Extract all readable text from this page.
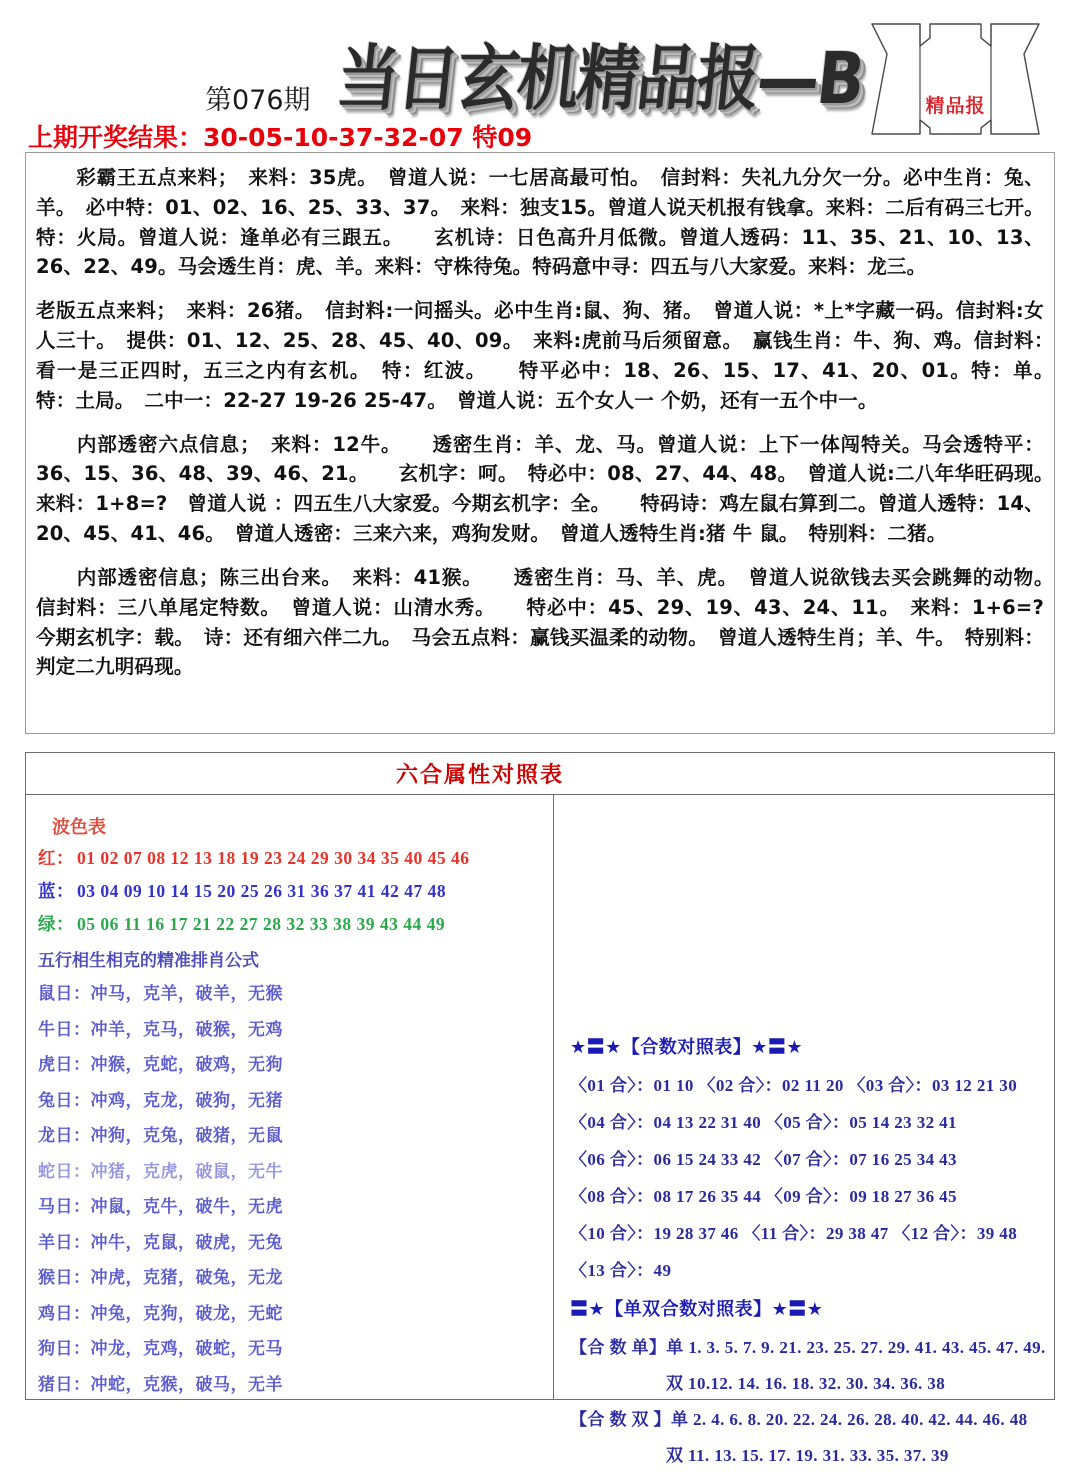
第076期
上期开奖结果：30-05-10-37-32-07 特09
当日玄机精品报—B	精品报

　　彩霸王五点来料；　来料：35虎。　曾道人说：一七居高最可怕。　信封料：失礼九分欠一分。必中生肖：兔、羊。　必中特：01、02、16、25、33、37。　来料：独支15。曾道人说天机报有钱拿。来料：二后有码三七开。特：火局。曾道人说：逢单必有三跟五。　　玄机诗：日色高升月低微。曾道人透码：11、35、21、10、13、26、22、49。马会透生肖：虎、羊。来料：守株待兔。特码意中寻：四五与八大家爱。来料：龙三。

老版五点来料；　来料：26猪。　信封料:一问摇头。必中生肖:鼠、狗、猪。　曾道人说：*上*字藏一码。信封料:女人三十。　提供：01、12、25、28、45、40、09。　来料:虎前马后须留意。　赢钱生肖：牛、狗、鸡。信封料：　看一是三正四时，五三之内有玄机。　特：红波。　　特平必中：18、26、15、17、41、20、01。特：单。　特：土局。　二中一：22-27 19-26 25-47。　曾道人说：五个女人一 个奶，还有一五个中一。

　　内部透密六点信息；　来料：12牛。　　透密生肖：羊、龙、马。曾道人说：上下一体闯特关。马会透特平：36、15、36、48、39、46、21。　　玄机字：呵。　特必中：08、27、44、48。　曾道人说:二八年华旺码现。　来料：1+8=?　曾道人说 ：四五生八大家爱。今期玄机字：全。　　特码诗：鸡左鼠右算到二。曾道人透特：14、20、45、41、46。　曾道人透密：三来六来，鸡狗发财。　曾道人透特生肖:猪 牛 鼠。　特别料：二猪。

　　内部透密信息；陈三出台来。　来料：41猴。　　透密生肖：马、羊、虎。　曾道人说欲钱去买会跳舞的动物。　信封料：三八单尾定特数。　曾道人说：山清水秀。　　特必中：45、29、19、43、24、11。　来料：1+6=?　今期玄机字：载。　诗：还有细六伴二九。　马会五点料：赢钱买温柔的动物。　曾道人透特生肖；羊、牛。　特别料：判定二九明码现。

六合属性对照表
波色表
红： 01 02 07 08 12 13 18 19 23 24 29 30 34 35 40 45 46
蓝： 03 04 09 10 14 15 20 25 26 31 36 37 41 42 47 48
绿： 05 06 11 16 17 21 22 27 28 32 33 38 39 43 44 49
五行相生相克的精准排肖公式
鼠日：冲马，克羊，破羊，无猴
牛日：冲羊，克马，破猴，无鸡
虎日：冲猴，克蛇，破鸡，无狗
兔日：冲鸡，克龙，破狗，无猪
龙日：冲狗，克兔，破猪，无鼠
蛇日：冲猪，克虎，破鼠，无牛
马日：冲鼠，克牛，破牛，无虎
羊日：冲牛，克鼠，破虎，无兔
猴日：冲虎，克猪，破兔，无龙
鸡日：冲兔，克狗，破龙，无蛇
狗日：冲龙，克鸡，破蛇，无马
猪日：冲蛇，克猴，破马，无羊
★〓★【合数对照表】★〓★
〈01 合〉：01 10 〈02 合〉：02 11 20 〈03 合〉：03 12 21 30
〈04 合〉：04 13 22 31 40 〈05 合〉：05 14 23 32 41
〈06 合〉：06 15 24 33 42 〈07 合〉：07 16 25 34 43
〈08 合〉：08 17 26 35 44 〈09 合〉：09 18 27 36 45
〈10 合〉：19 28 37 46 〈11 合〉：29 38 47 〈12 合〉：39 48
〈13 合〉：49
〓★【单双合数对照表】★〓★
【合 数 单】单 1. 3. 5. 7. 9. 21. 23. 25. 27. 29. 41. 43. 45. 47. 49.
双 10.12. 14. 16. 18. 32. 30. 34. 36. 38
【合 数 双 】单 2. 4. 6. 8. 20. 22. 24. 26. 28. 40. 42. 44. 46. 48
双 11. 13. 15. 17. 19. 31. 33. 35. 37. 39
